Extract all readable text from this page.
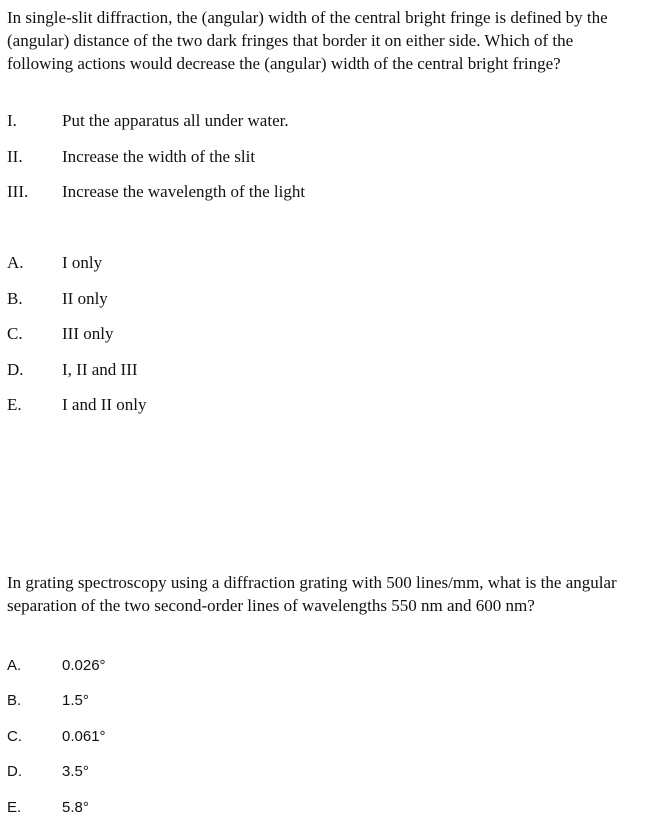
In single-slit diffraction, the (angular) width of the central bright fringe is defined by the (angular) distance of the two dark fringes that border it on either side. Which of the following actions would decrease the (angular) width of the central bright fringe?

I.	Put the apparatus all under water.
II. Increase the width of the slit
III. Increase the wavelength of the light
A. I only
B. II only
C. III only
D. I, II and III
E. I and II only

In grating spectroscopy using a diffraction grating with 500 lines/mm, what is the angular separation of the two second-order lines of wavelengths 550 nm and 600 nm?

A.	0.026°
B.	1.5°
C.	0.061°
D.	3.5°
E.	5.8°
